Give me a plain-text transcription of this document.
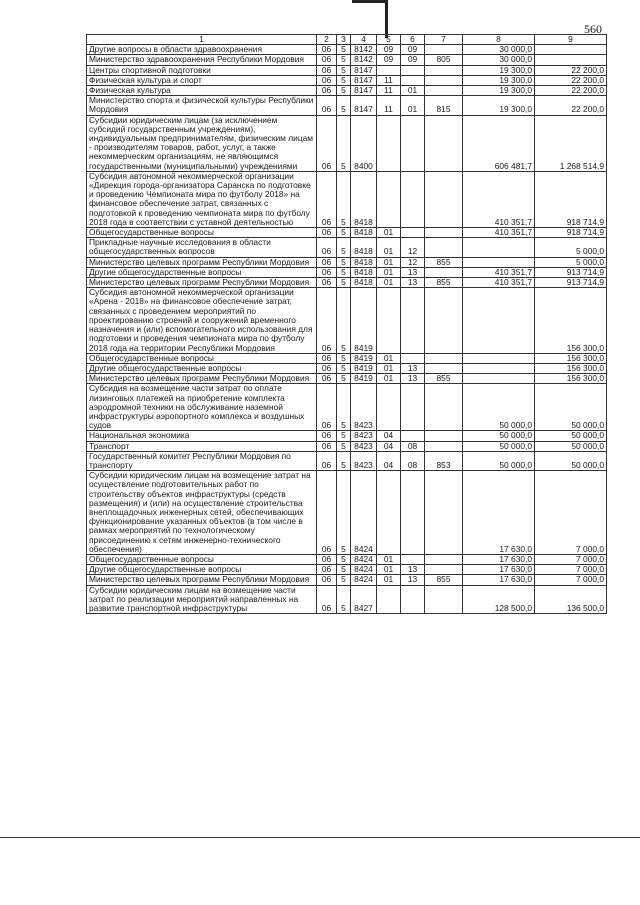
560
1	2	3	4	5	6	7	8	9
Другие вопросы в области здравоохранения	06	5	8142	09	09		30 000,0	
Министерство здравоохранения Республики Мордовия	06	5	8142	09	09	805	30 000,0	
Центры спортивной подготовки	06	5	8147				19 300,0	22 200,0
Физическая культура и спорт	06	5	8147	11			19 300,0	22 200,0
Физическая культура	06	5	8147	11	01		19 300,0	22 200,0
Министерство спорта и физической культуры Республики Мордовия	06	5	8147	11	01	815	19 300,0	22 200,0
Субсидии юридическим лицам (за исключением субсидий государственным учреждениям), индивидуальным предпринимателям, физическим лицам - производителям товаров, работ, услуг, а также некоммерческим организациям, не являющимся государственными (муниципальными) учреждениями	06	5	8400				606 481,7	1 268 514,9
Субсидия автономной некоммерческой организации «Дирекция города-организатора Саранска по подготовке и проведению Чемпионата мира по футболу 2018» на финансовое обеспечение затрат, связанных с подготовкой к проведению чемпионата мира по футболу 2018 года в соответствии с уставной деятельностью	06	5	8418				410 351,7	918 714,9
Общегосударственные вопросы	06	5	8418	01			410 351,7	918 714,9
Прикладные научные исследования в области общегосударственных вопросов	06	5	8418	01	12			5 000,0
Министерство целевых программ Республики Мордовия	06	5	8418	01	12	855		5 000,0
Другие общегосударственные вопросы	06	5	8418	01	13		410 351,7	913 714,9
Министерство целевых программ Республики Мордовия	06	5	8418	01	13	855	410 351,7	913 714,9
Субсидия автономной некоммерческой организации «Арена - 2018» на финансовое обеспечение затрат, связанных с проведением мероприятий по проектированию строений и сооружений временного назначения и (или) вспомогательного использования для подготовки и проведения чемпионата мира по футболу 2018 года на территории Республики Мордовия	06	5	8419					156 300,0
Общегосударственные вопросы	06	5	8419	01				156 300,0
Другие общегосударственные вопросы	06	5	8419	01	13			156 300,0
Министерство целевых программ Республики Мордовия	06	5	8419	01	13	855		156 300,0
Субсидия на возмещение части затрат по оплате лизинговых платежей на приобретение комплекта аэродромной техники на обслуживание наземной инфраструктуры аэропортного комплекса и воздушных судов	06	5	8423				50 000,0	50 000,0
Национальная экономика	06	5	8423	04			50 000,0	50 000,0
Транспорт	06	5	8423	04	08		50 000,0	50 000,0
Государственный комитет Республики Мордовия по транспорту	06	5	8423	04	08	853	50 000,0	50 000,0
Субсидии юридическим лицам на возмещение затрат на осуществление подготовительных работ по строительству объектов инфраструктуры (средств размещения) и (или) на осуществление строительства внеплощадочных инженерных сетей, обеспечивающих функционирование указанных объектов (в том числе в рамках мероприятий по технологическому присоединению к сетям инженерно-технического обеспечения)	06	5	8424				17 630,0	7 000,0
Общегосударственные вопросы	06	5	8424	01			17 630,0	7 000,0
Другие общегосударственные вопросы	06	5	8424	01	13		17 630,0	7 000,0
Министерство целевых программ Республики Мордовия	06	5	8424	01	13	855	17 630,0	7 000,0
Субсидии юридическим лицам на возмещение части затрат по реализации мероприятий направленных на развитие транспортной инфраструктуры	06	5	8427				128 500,0	136 500,0
